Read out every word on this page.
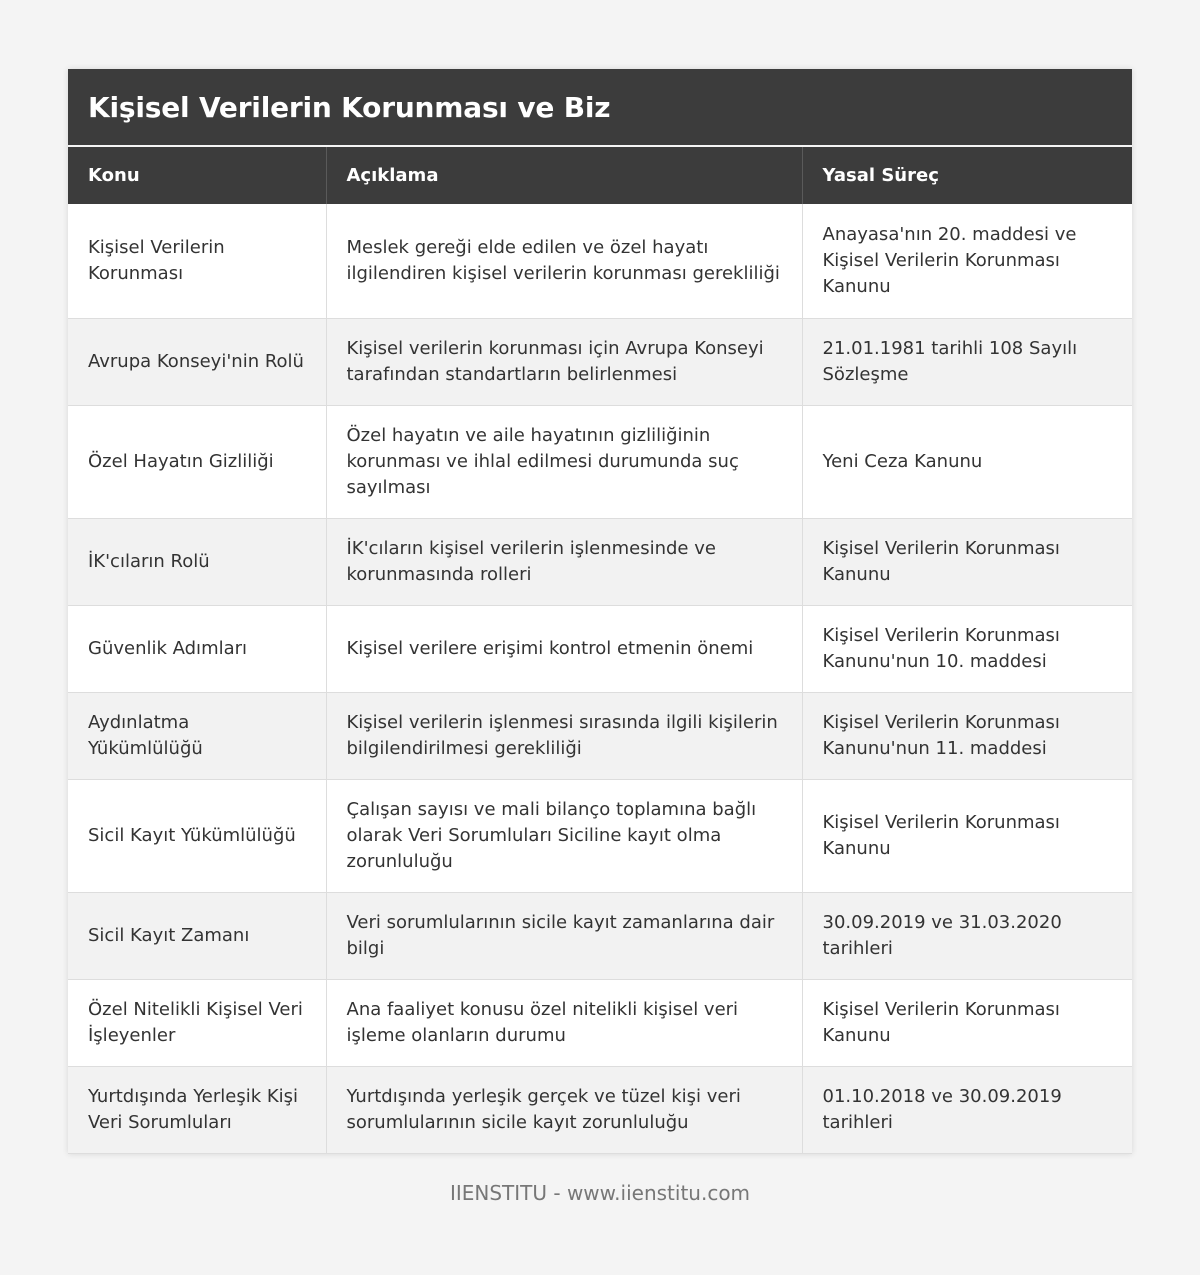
Kişisel Verilerin Korunması ve Biz
Konu	Açıklama	Yasal Süreç
Kişisel Verilerin Korunması	Meslek gereği elde edilen ve özel hayatı ilgilendiren kişisel verilerin korunması gerekliliği	Anayasa'nın 20. maddesi ve Kişisel Verilerin Korunması Kanunu
Avrupa Konseyi'nin Rolü	Kişisel verilerin korunması için Avrupa Konseyi tarafından standartların belirlenmesi	21.01.1981 tarihli 108 Sayılı Sözleşme
Özel Hayatın Gizliliği	Özel hayatın ve aile hayatının gizliliğinin korunması ve ihlal edilmesi durumunda suç sayılması	Yeni Ceza Kanunu
İK'cıların Rolü	İK'cıların kişisel verilerin işlenmesinde ve korunmasında rolleri	Kişisel Verilerin Korunması Kanunu
Güvenlik Adımları	Kişisel verilere erişimi kontrol etmenin önemi	Kişisel Verilerin Korunması Kanunu'nun 10. maddesi
Aydınlatma Yükümlülüğü	Kişisel verilerin işlenmesi sırasında ilgili kişilerin bilgilendirilmesi gerekliliği	Kişisel Verilerin Korunması Kanunu'nun 11. maddesi
Sicil Kayıt Yükümlülüğü	Çalışan sayısı ve mali bilanço toplamına bağlı olarak Veri Sorumluları Siciline kayıt olma zorunluluğu	Kişisel Verilerin Korunması Kanunu
Sicil Kayıt Zamanı	Veri sorumlularının sicile kayıt zamanlarına dair bilgi	30.09.2019 ve 31.03.2020 tarihleri
Özel Nitelikli Kişisel Veri İşleyenler	Ana faaliyet konusu özel nitelikli kişisel veri işleme olanların durumu	Kişisel Verilerin Korunması Kanunu
Yurtdışında Yerleşik Kişi Veri Sorumluları	Yurtdışında yerleşik gerçek ve tüzel kişi veri sorumlularının sicile kayıt zorunluluğu	01.10.2018 ve 30.09.2019 tarihleri
IIENSTITU - www.iienstitu.com
